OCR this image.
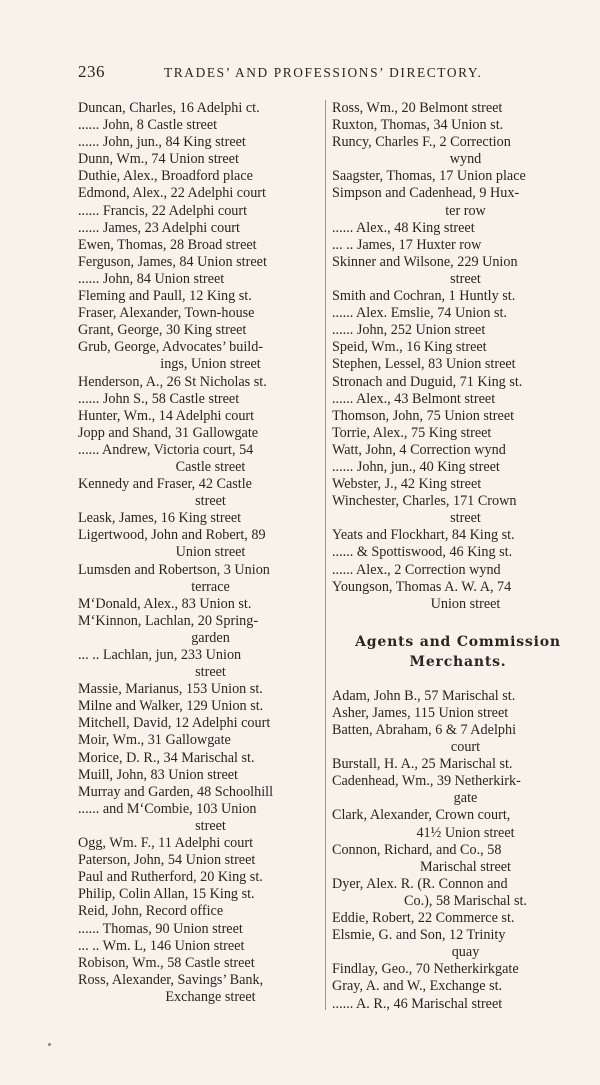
236	TRADES’ AND PROFESSIONS’ DIRECTORY.
Duncan, Charles, 16 Adelphi ct.
...... John, 8 Castle street
...... John, jun., 84 King street
Dunn, Wm., 74 Union street
Duthie, Alex., Broadford place
Edmond, Alex., 22 Adelphi court
...... Francis, 22 Adelphi court
...... James, 23 Adelphi court
Ewen, Thomas, 28 Broad street
Ferguson, James, 84 Union street
...... John, 84 Union street
Fleming and Paull, 12 King st.
Fraser, Alexander, Town-house
Grant, George, 30 King street
Grub, George, Advocates’ build-
ings, Union street
Henderson, A., 26 St Nicholas st.
...... John S., 58 Castle street
Hunter, Wm., 14 Adelphi court
Jopp and Shand, 31 Gallowgate
...... Andrew, Victoria court, 54
Castle street
Kennedy and Fraser, 42 Castle
street
Leask, James, 16 King street
Ligertwood, John and Robert, 89
Union street
Lumsden and Robertson, 3 Union
terrace
M‘Donald, Alex., 83 Union st.
M‘Kinnon, Lachlan, 20 Spring-
garden
... .. Lachlan, jun, 233 Union
street
Massie, Marianus, 153 Union st.
Milne and Walker, 129 Union st.
Mitchell, David, 12 Adelphi court
Moir, Wm., 31 Gallowgate
Morice, D. R., 34 Marischal st.
Muill, John, 83 Union street
Murray and Garden, 48 Schoolhill
...... and M‘Combie, 103 Union
street
Ogg, Wm. F., 11 Adelphi court
Paterson, John, 54 Union street
Paul and Rutherford, 20 King st.
Philip, Colin Allan, 15 King st.
Reid, John, Record office
...... Thomas, 90 Union street
... .. Wm. L, 146 Union street
Robison, Wm., 58 Castle street
Ross, Alexander, Savings’ Bank,
Exchange street
Ross, Wm., 20 Belmont street
Ruxton, Thomas, 34 Union st.
Runcy, Charles F., 2 Correction
wynd
Saagster, Thomas, 17 Union place
Simpson and Cadenhead, 9 Hux-
ter row
...... Alex., 48 King street
... .. James, 17 Huxter row
Skinner and Wilsone, 229 Union
street
Smith and Cochran, 1 Huntly st.
...... Alex. Emslie, 74 Union st.
...... John, 252 Union street
Speid, Wm., 16 King street
Stephen, Lessel, 83 Union street
Stronach and Duguid, 71 King st.
...... Alex., 43 Belmont street
Thomson, John, 75 Union street
Torrie, Alex., 75 King street
Watt, John, 4 Correction wynd
...... John, jun., 40 King street
Webster, J., 42 King street
Winchester, Charles, 171 Crown
street
Yeats and Flockhart, 84 King st.
...... & Spottiswood, 46 King st.
...... Alex., 2 Correction wynd
Youngson, Thomas A. W. A, 74
Union street
Agents and Commission
Merchants.
Adam, John B., 57 Marischal st.
Asher, James, 115 Union street
Batten, Abraham, 6 & 7 Adelphi
court
Burstall, H. A., 25 Marischal st.
Cadenhead, Wm., 39 Netherkirk-
gate
Clark, Alexander, Crown court,
41½ Union street
Connon, Richard, and Co., 58
Marischal street
Dyer, Alex. R. (R. Connon and
Co.), 58 Marischal st.
Eddie, Robert, 22 Commerce st.
Elsmie, G. and Son, 12 Trinity
quay
Findlay, Geo., 70 Netherkirkgate
Gray, A. and W., Exchange st.
...... A. R., 46 Marischal street
